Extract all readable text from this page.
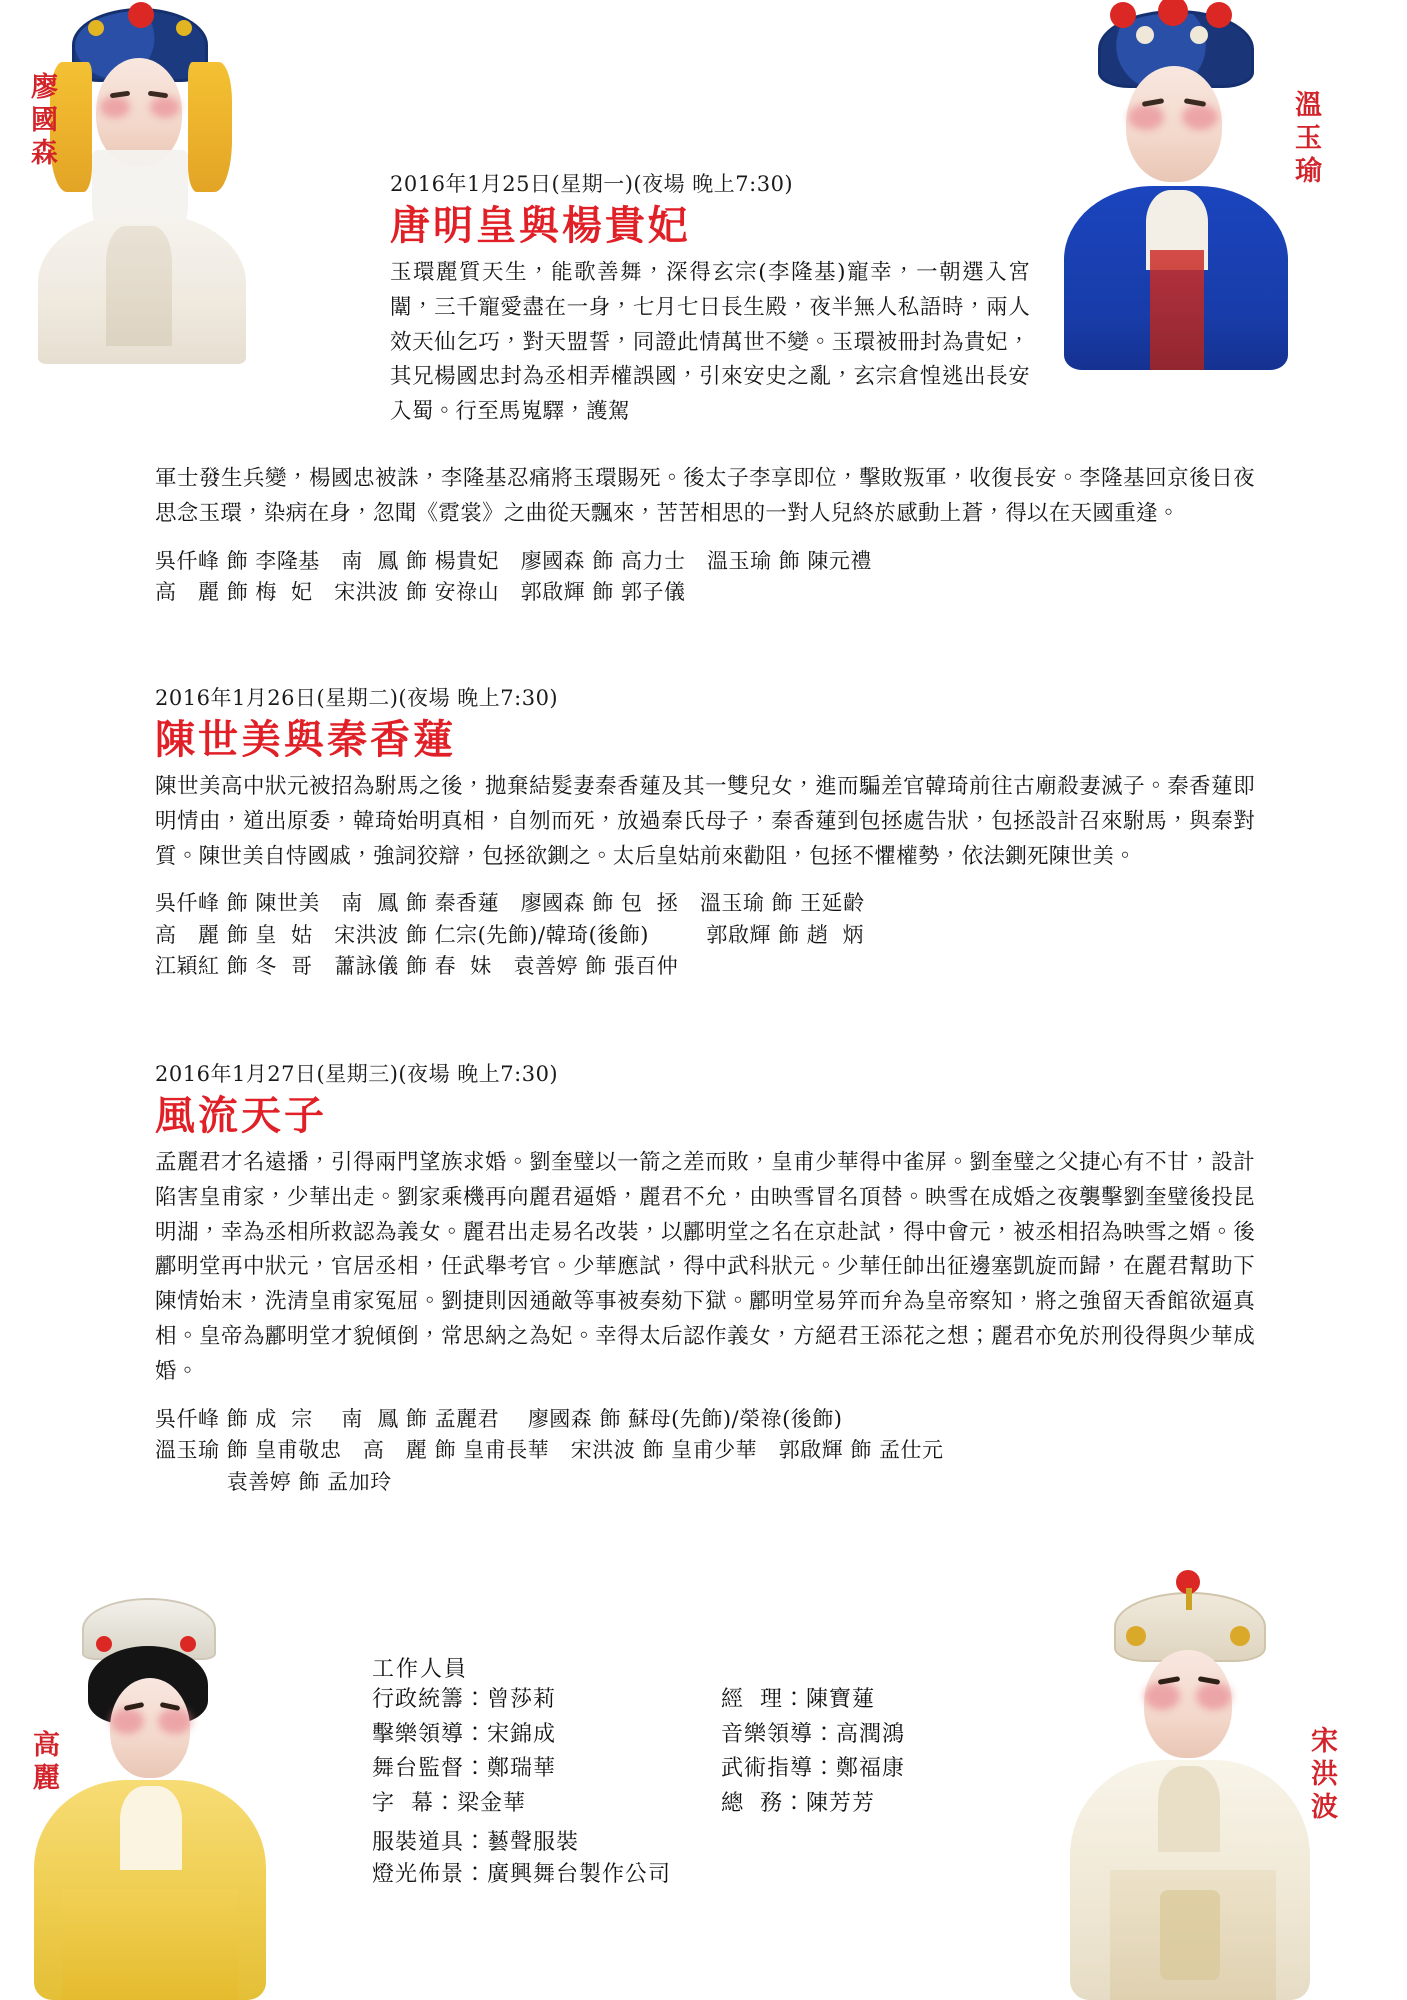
廖國森	溫玉瑜
高麗	宋洪波
2016年1月25日(星期一)(夜場 晚上7:30)
唐明皇與楊貴妃
玉環麗質天生，能歌善舞，深得玄宗(李隆基)寵幸，一朝選入宮闈，三千寵愛盡在一身，七月七日長生殿，夜半無人私語時，兩人效天仙乞巧，對天盟誓，同證此情萬世不變。玉環被冊封為貴妃，其兄楊國忠封為丞相弄權誤國，引來安史之亂，玄宗倉惶逃出長安入蜀。行至馬嵬驛，護駕
軍士發生兵變，楊國忠被誅，李隆基忍痛將玉環賜死。後太子李享即位，擊敗叛軍，收復長安。李隆基回京後日夜思念玉環，染病在身，忽聞《霓裳》之曲從天飄來，苦苦相思的一對人兒終於感動上蒼，得以在天國重逢。
吳仟峰 飾 李隆基   南  鳳 飾 楊貴妃   廖國森 飾 高力士   溫玉瑜 飾 陳元禮
高   麗 飾 梅  妃   宋洪波 飾 安祿山   郭啟輝 飾 郭子儀
2016年1月26日(星期二)(夜場 晚上7:30)
陳世美與秦香蓮
陳世美高中狀元被招為駙馬之後，拋棄結髮妻秦香蓮及其一雙兒女，進而騙差官韓琦前往古廟殺妻滅子。秦香蓮即明情由，道出原委，韓琦始明真相，自刎而死，放過秦氏母子，秦香蓮到包拯處告狀，包拯設計召來駙馬，與秦對質。陳世美自恃國戚，強詞狡辯，包拯欲鍘之。太后皇姑前來勸阻，包拯不懼權勢，依法鍘死陳世美。
吳仟峰 飾 陳世美   南  鳳 飾 秦香蓮   廖國森 飾 包  拯   溫玉瑜 飾 王延齡
高   麗 飾 皇  姑   宋洪波 飾 仁宗(先飾)/韓琦(後飾)        郭啟輝 飾 趙  炳
江穎紅 飾 冬  哥   蕭詠儀 飾 春  妹   袁善婷 飾 張百仲
2016年1月27日(星期三)(夜場 晚上7:30)
風流天子
孟麗君才名遠播，引得兩門望族求婚。劉奎璧以一箭之差而敗，皇甫少華得中雀屏。劉奎璧之父捷心有不甘，設計陷害皇甫家，少華出走。劉家乘機再向麗君逼婚，麗君不允，由映雪冒名頂替。映雪在成婚之夜襲擊劉奎璧後投昆明湖，幸為丞相所救認為義女。麗君出走易名改裝，以酈明堂之名在京赴試，得中會元，被丞相招為映雪之婿。後酈明堂再中狀元，官居丞相，任武舉考官。少華應試，得中武科狀元。少華任帥出征邊塞凱旋而歸，在麗君幫助下陳情始末，洗清皇甫家冤屈。劉捷則因通敵等事被奏劾下獄。酈明堂易笄而弁為皇帝察知，將之強留天香館欲逼真相。皇帝為酈明堂才貌傾倒，常思納之為妃。幸得太后認作義女，方絕君王添花之想；麗君亦免於刑役得與少華成婚。
吳仟峰 飾 成  宗    南  鳳 飾 孟麗君    廖國森 飾 蘇母(先飾)/榮祿(後飾)
溫玉瑜 飾 皇甫敬忠   高   麗 飾 皇甫長華   宋洪波 飾 皇甫少華   郭啟輝 飾 孟仕元
袁善婷 飾 孟加玲
工作人員
行政統籌：曾莎莉	經  理：陳寶蓮
擊樂領導：宋錦成	音樂領導：高潤鴻
舞台監督：鄭瑞華	武術指導：鄭福康
字  幕：梁金華	總  務：陳芳芳
服裝道具：藝聲服裝
燈光佈景：廣興舞台製作公司
